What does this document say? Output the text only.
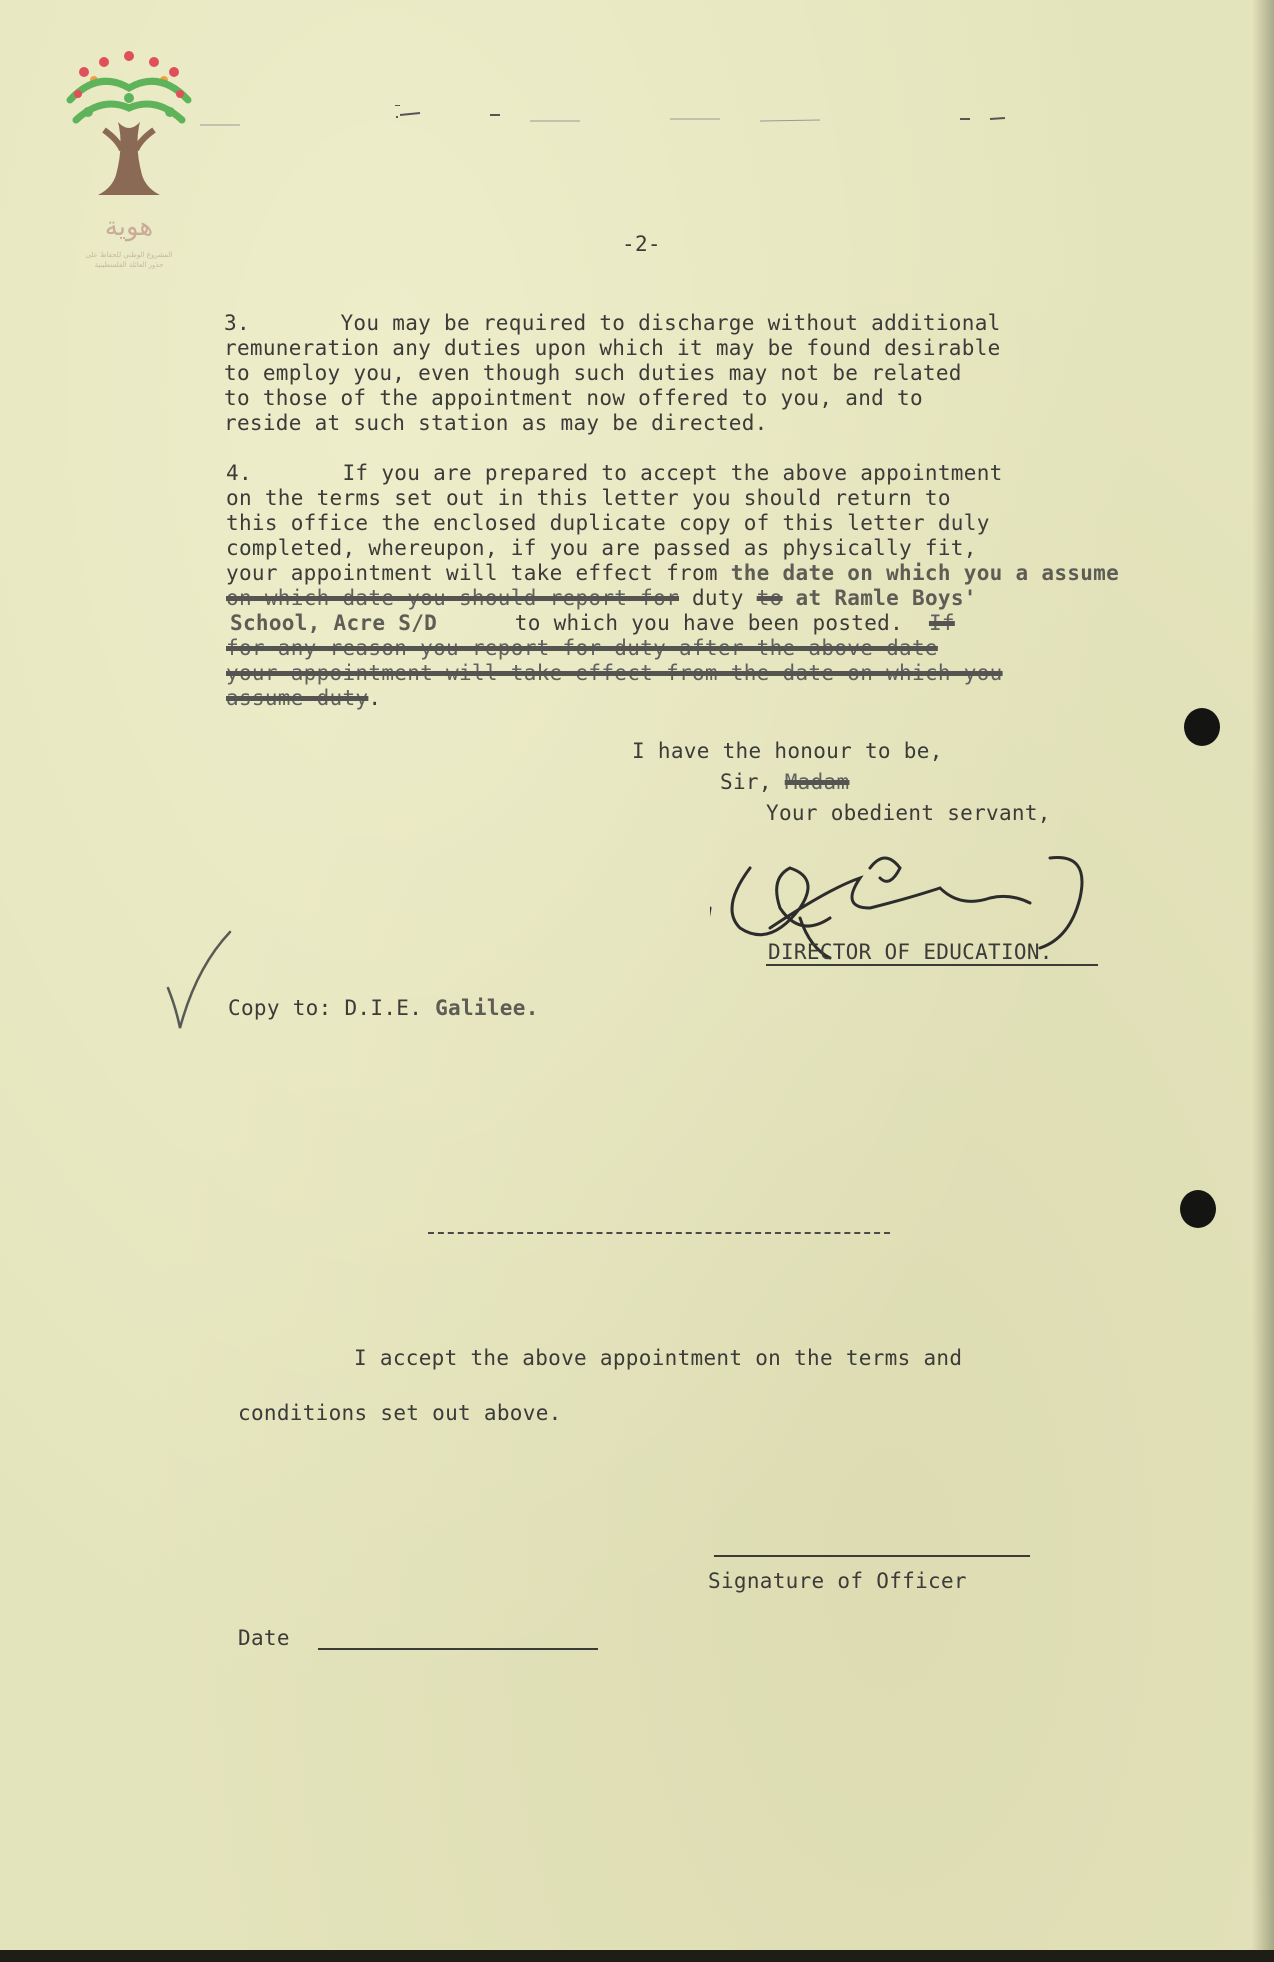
هوية
المشروع الوطني للحفاظ على
جذور العائلة الفلسطينية
-2-
3.       You may be required to discharge without additional
remuneration any duties upon which it may be found desirable
to employ you, even though such duties may not be related
to those of the appointment now offered to you, and to
reside at such station as may be directed.
4.       If you are prepared to accept the above appointment
on the terms set out in this letter you should return to
this office the enclosed duplicate copy of this letter duly
completed, whereupon, if you are passed as physically fit,
your appointment will take effect from the date on which you a assume
on which date you should report for duty to at Ramle Boys'
School, Acre S/D      to which you have been posted.  If
for any reason you report for duty after the above date
your appointment will take effect from the date on which you
assume duty.
I have the honour to be,
Sir, Madam
Your obedient servant,
DIRECTOR OF EDUCATION.
Copy to: D.I.E. Galilee.
I accept the above appointment on the terms and
conditions set out above.
Signature of Officer
Date
